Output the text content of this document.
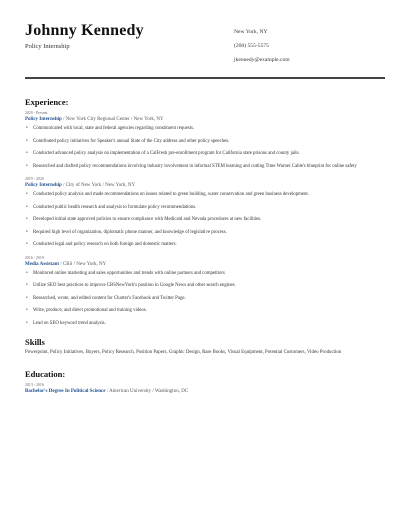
Johnny Kennedy
Policy Internship
New York, NY
(200) 555-5575
jkennedy@example.com
Experience:
2020 - Present
Policy Internship / New York City Regional Center / New York, NY
• Communicated with local, state and federal agencies regarding constituent requests.
• Contributed policy initiatives for Speaker's annual State of the City address and other policy speeches.
• Conducted advanced policy analysis on implementation of a CalFresh pre-enrollment program for California state prisons and county jails.
• Researched and drafted policy recommendations involving industry involvement in informal STEM learning and cutting Time Warner Cable's blueprint for online safety
2019 - 2020
Policy Internship / City of New York / New York, NY
• Conducted policy analysis and made recommendations on issues related to green building, water conservation and green business development.
• Conducted public health research and analysis to formulate policy recommendations.
• Developed initial state approved policies to ensure compliance with Medicaid and Nevada procedures at new facilities.
• Required high level of organization, diplomatic phone manner, and knowledge of legislative process.
• Conducted legal and policy research on both foreign and domestic matters.
2016 - 2019
Media Assistant / CBS / New York, NY
• Monitored online marketing and sales opportunities and trends with online partners and competitors
• Utilize SEO best practices to improve CBSNewYork's position in Google News and other search engines.
• Researched, wrote, and edited content for Charter's Facebook and Twitter Page.
• Write, produce, and direct promotional and training videos.
• Lead on SEO keyword trend analysis.
Skills
Powerpoint, Policy Initiatives, Buyers, Policy Research, Position Papers, Graphic Design, Rare Books, Visual Equipment, Potential Customers, Video Production
Education:
2013 - 2016
Bachelor's Degree In Political Science : American University / Washington, DC
